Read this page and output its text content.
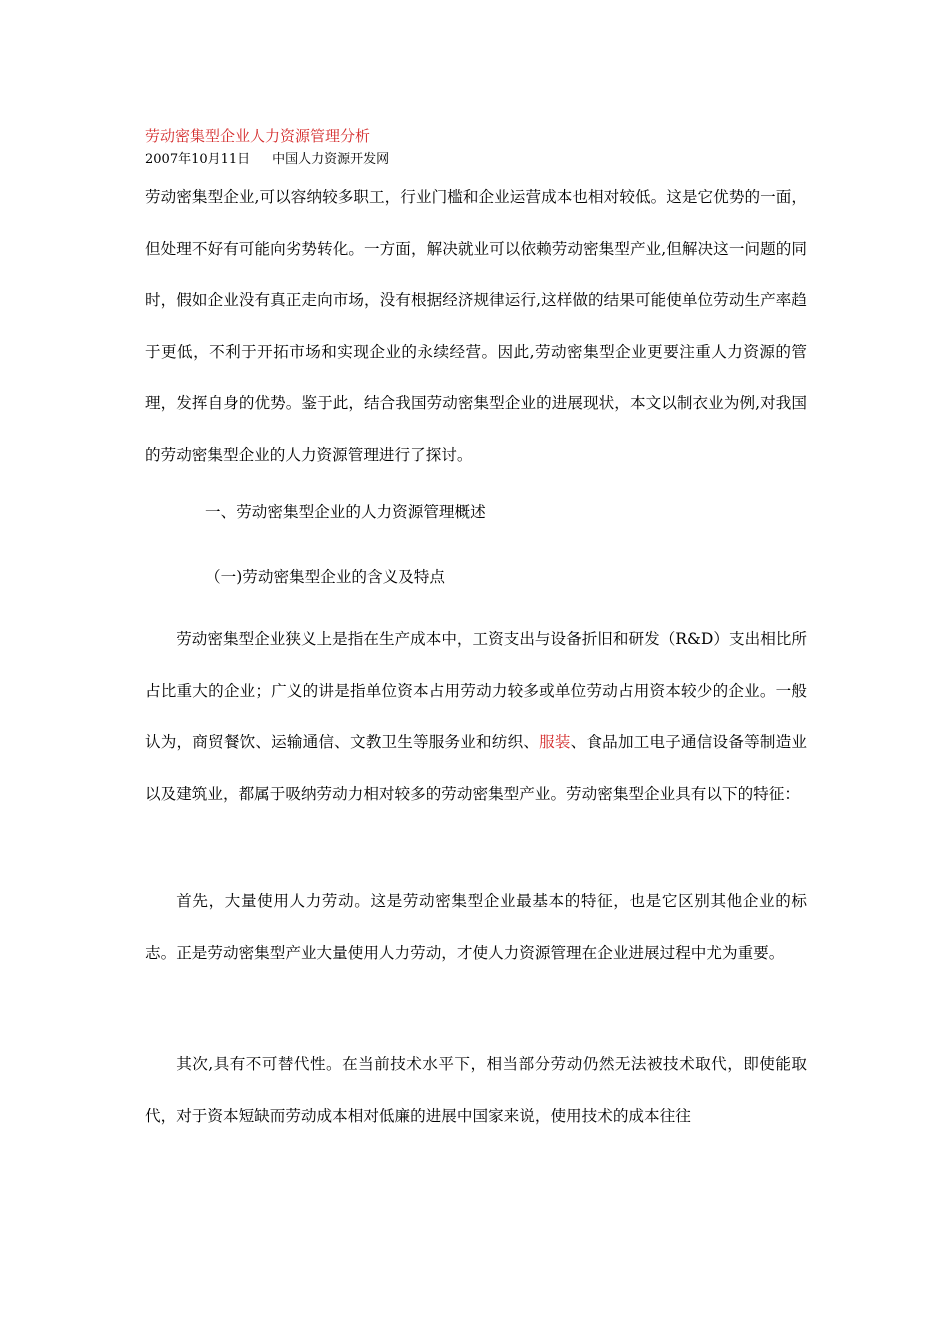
劳动密集型企业人力资源管理分析
2007年10月11日 中国人力资源开发网

劳动密集型企业,可以容纳较多职工，行业门槛和企业运营成本也相对较低。这是它优势的一面，但处理不好有可能向劣势转化。一方面，解决就业可以依赖劳动密集型产业,但解决这一问题的同时，假如企业没有真正走向市场，没有根据经济规律运行,这样做的结果可能使单位劳动生产率趋于更低，不利于开拓市场和实现企业的永续经营。因此,劳动密集型企业更要注重人力资源的管理，发挥自身的优势。鉴于此，结合我国劳动密集型企业的进展现状，本文以制衣业为例,对我国的劳动密集型企业的人力资源管理进行了探讨。

一、劳动密集型企业的人力资源管理概述
（一)劳动密集型企业的含义及特点

劳动密集型企业狭义上是指在生产成本中，工资支出与设备折旧和研发（R&D）支出相比所占比重大的企业；广义的讲是指单位资本占用劳动力较多或单位劳动占用资本较少的企业。一般认为，商贸餐饮、运输通信、文教卫生等服务业和纺织、服装、食品加工电子通信设备等制造业以及建筑业，都属于吸纳劳动力相对较多的劳动密集型产业。劳动密集型企业具有以下的特征：

首先，大量使用人力劳动。这是劳动密集型企业最基本的特征，也是它区别其他企业的标志。正是劳动密集型产业大量使用人力劳动，才使人力资源管理在企业进展过程中尤为重要。

其次,具有不可替代性。在当前技术水平下，相当部分劳动仍然无法被技术取代，即使能取代，对于资本短缺而劳动成本相对低廉的进展中国家来说，使用技术的成本往往
